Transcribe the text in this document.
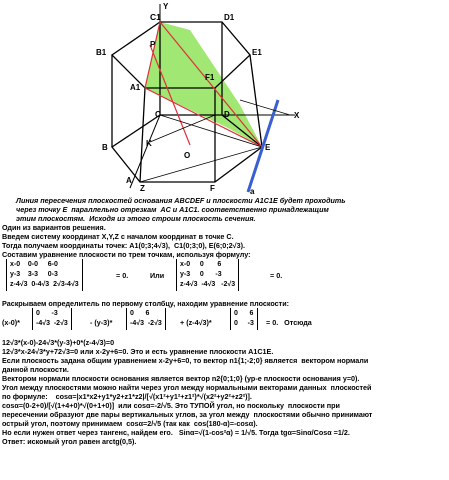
Y
C1	D1
B1	E1
P
A1
F1
C	D
B
X
K
O
E
A
Z	F	a

Линия пересечения плоскостей основания ABCDEF и плоскости A1C1E будет проходить

через точку E  параллельно отрезкам  AC и A1C1. соответственно принадлежащим

этим плоскостям.  Исходя из этого строим плоскость сечения.

Один из вариантов решения.

Введем систему координат X,Y,Z с началом координат в точке C.

Тогда получаем координаты точек: A1(0;3;4√3),  C1(0;3;0), E(6;0;2√3).

Составим уравнение плоскости по трем точкам, используя формулу:

x-0    0-0     6-0
y-3    3-3     0-3
z-4√3  0-4√3  2√3-4√3
= 0.	Или
x-0     0       6
y-3     0      -3
z-4√3  -4√3   -2√3
= 0.

Раскрываем определитель по первому столбцу, находим уравнение плоскости:

(x-0)*
0      -3
-4√3  -2√3	- (y-3)*
0      6
-4√3  -2√3 + (z-4√3)*
0      6
0     -3 = 0.   Отсюда

12√3*(x-0)-24√3*(y-3)+0*(z-4√3)=0

12√3*x-24√3*y+72√3=0 или x-2y+6=0. Это и есть уравнение плоскости A1C1E.

Если плоскость задана общим уравнением x-2y+6=0, то вектор n1{1;-2;0} является  вектором нормали

данной плоскости.

Вектором нормали плоскости основания является вектор n2{0;1;0} (ур-е плоскости основания y=0).

Угол между плоскостями можно найти через угол между нормальными векторами данных  плоскостей

по формуле:    cosα=|x1*x2+y1*y2+z1*z2|/[√(x1²+y1²+z1²)*√(x2²+y2²+z2²)].

cosα=(0-2+0)/[√(1+4+0)*√(0+1+0)]  или cosα=-2/√5. Это ТУПОЙ угол, но поскольку  плоскости при

пересечении образуют две пары вертикальных углов, за угол между  плоскостями обычно принимают

острый угол, поэтому принимаем  cosα=2/√5 (так как  cos(180-α)=-cosα).

Но если нужен ответ через тангенс, найдем его.   Sinα=√(1-cos²α) = 1/√5. Тогда tgα=Sinα/Cosα =1/2.

Ответ: искомый угол равен arctg(0,5).
